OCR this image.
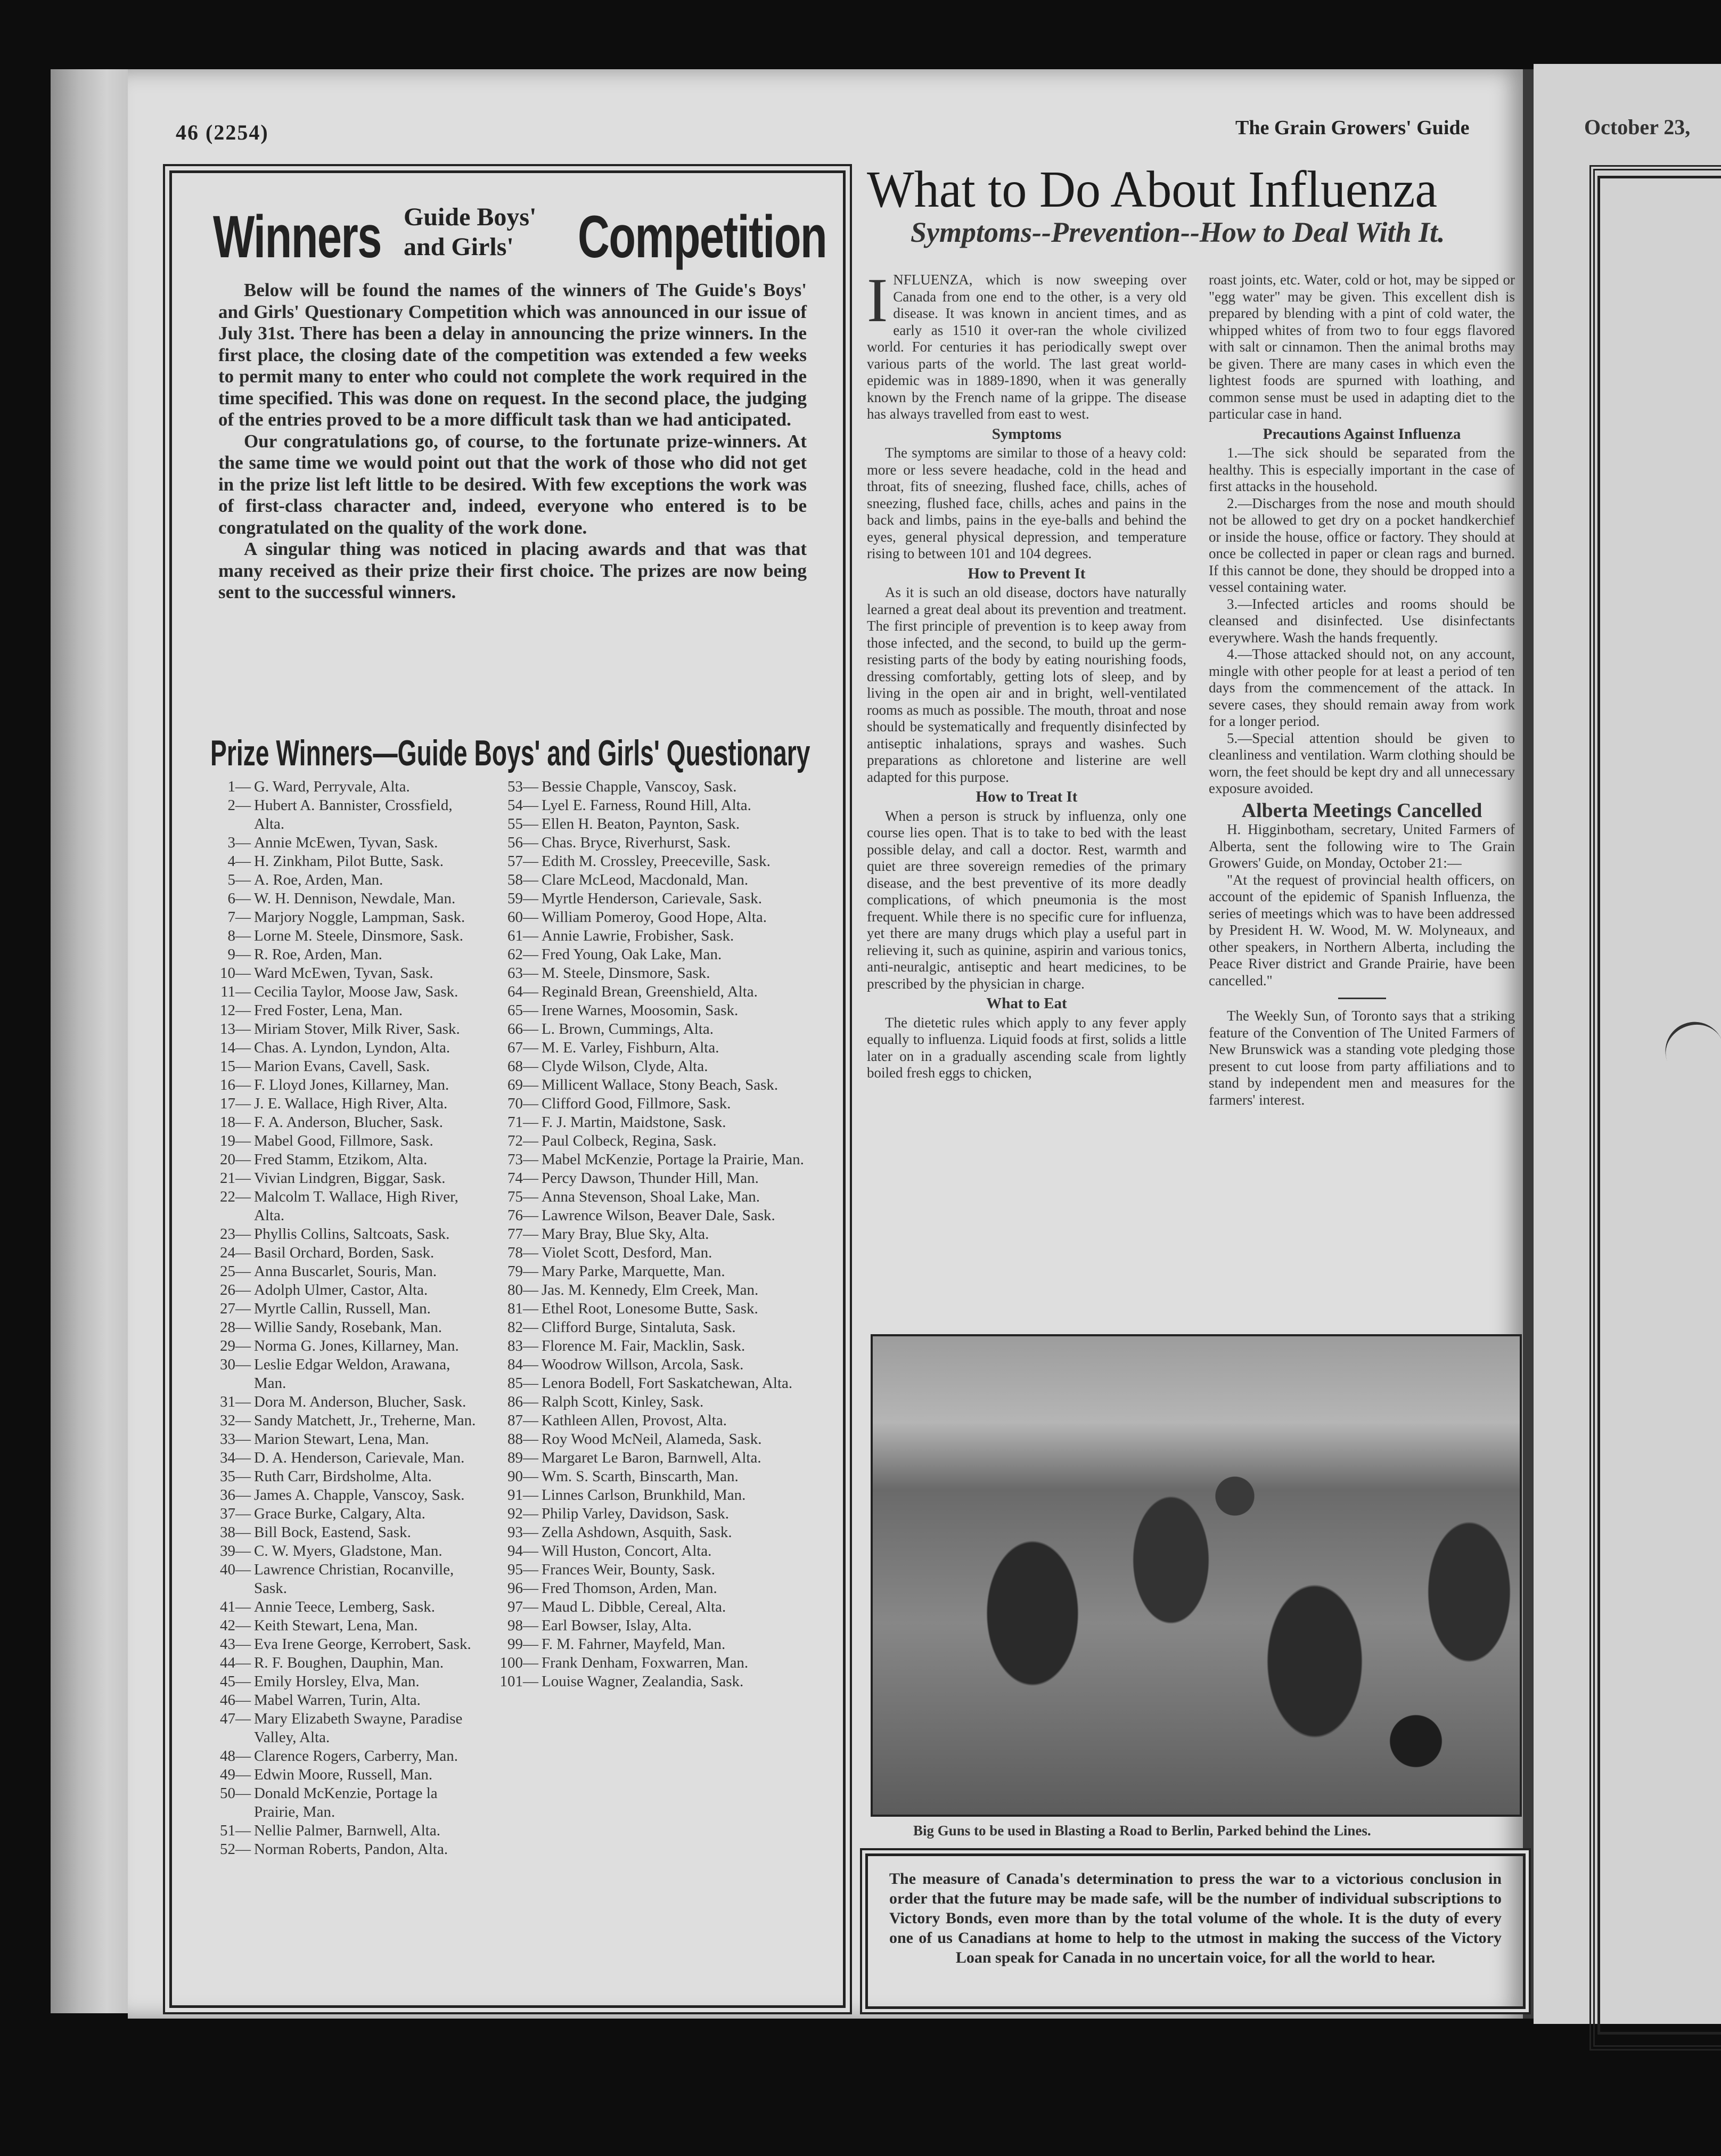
October 23,
46 (2254)	The Grain Growers' Guide
Winners Guide Boys'
and Girls' Competition

Below will be found the names of the winners of The Guide's Boys' and Girls' Questionary Competition which was announced in our issue of July 31st. There has been a delay in announcing the prize winners. In the first place, the closing date of the competition was extended a few weeks to permit many to enter who could not complete the work required in the time specified. This was done on request. In the second place, the judging of the entries proved to be a more difficult task than we had anticipated.

Our congratulations go, of course, to the fortunate prize-winners. At the same time we would point out that the work of those who did not get in the prize list left little to be desired. With few exceptions the work was of first-class character and, indeed, everyone who entered is to be congratulated on the quality of the work done.

A singular thing was noticed in placing awards and that was that many received as their prize their first choice. The prizes are now being sent to the successful winners.

Prize Winners—Guide Boys' and Girls' Questionary
1— G. Ward, Perryvale, Alta.
2— Hubert A. Bannister, Crossfield, Alta.
3— Annie McEwen, Tyvan, Sask.
4— H. Zinkham, Pilot Butte, Sask.
5— A. Roe, Arden, Man.
6— W. H. Dennison, Newdale, Man.
7— Marjory Noggle, Lampman, Sask.
8— Lorne M. Steele, Dinsmore, Sask.
9— R. Roe, Arden, Man.
10— Ward McEwen, Tyvan, Sask.
11— Cecilia Taylor, Moose Jaw, Sask.
12— Fred Foster, Lena, Man.
13— Miriam Stover, Milk River, Sask.
14— Chas. A. Lyndon, Lyndon, Alta.
15— Marion Evans, Cavell, Sask.
16— F. Lloyd Jones, Killarney, Man.
17— J. E. Wallace, High River, Alta.
18— F. A. Anderson, Blucher, Sask.
19— Mabel Good, Fillmore, Sask.
20— Fred Stamm, Etzikom, Alta.
21— Vivian Lindgren, Biggar, Sask.
22— Malcolm T. Wallace, High River, Alta.
23— Phyllis Collins, Saltcoats, Sask.
24— Basil Orchard, Borden, Sask.
25— Anna Buscarlet, Souris, Man.
26— Adolph Ulmer, Castor, Alta.
27— Myrtle Callin, Russell, Man.
28— Willie Sandy, Rosebank, Man.
29— Norma G. Jones, Killarney, Man.
30— Leslie Edgar Weldon, Arawana, Man.
31— Dora M. Anderson, Blucher, Sask.
32— Sandy Matchett, Jr., Treherne, Man.
33— Marion Stewart, Lena, Man.
34— D. A. Henderson, Carievale, Man.
35— Ruth Carr, Birdsholme, Alta.
36— James A. Chapple, Vanscoy, Sask.
37— Grace Burke, Calgary, Alta.
38— Bill Bock, Eastend, Sask.
39— C. W. Myers, Gladstone, Man.
40— Lawrence Christian, Rocanville, Sask.
41— Annie Teece, Lemberg, Sask.
42— Keith Stewart, Lena, Man.
43— Eva Irene George, Kerrobert, Sask.
44— R. F. Boughen, Dauphin, Man.
45— Emily Horsley, Elva, Man.
46— Mabel Warren, Turin, Alta.
47— Mary Elizabeth Swayne, Paradise Valley, Alta.
48— Clarence Rogers, Carberry, Man.
49— Edwin Moore, Russell, Man.
50— Donald McKenzie, Portage la Prairie, Man.
51— Nellie Palmer, Barnwell, Alta.
52— Norman Roberts, Pandon, Alta.
53— Bessie Chapple, Vanscoy, Sask.
54— Lyel E. Farness, Round Hill, Alta.
55— Ellen H. Beaton, Paynton, Sask.
56— Chas. Bryce, Riverhurst, Sask.
57— Edith M. Crossley, Preeceville, Sask.
58— Clare McLeod, Macdonald, Man.
59— Myrtle Henderson, Carievale, Sask.
60— William Pomeroy, Good Hope, Alta.
61— Annie Lawrie, Frobisher, Sask.
62— Fred Young, Oak Lake, Man.
63— M. Steele, Dinsmore, Sask.
64— Reginald Brean, Greenshield, Alta.
65— Irene Warnes, Moosomin, Sask.
66— L. Brown, Cummings, Alta.
67— M. E. Varley, Fishburn, Alta.
68— Clyde Wilson, Clyde, Alta.
69— Millicent Wallace, Stony Beach, Sask.
70— Clifford Good, Fillmore, Sask.
71— F. J. Martin, Maidstone, Sask.
72— Paul Colbeck, Regina, Sask.
73— Mabel McKenzie, Portage la Prairie, Man.
74— Percy Dawson, Thunder Hill, Man.
75— Anna Stevenson, Shoal Lake, Man.
76— Lawrence Wilson, Beaver Dale, Sask.
77— Mary Bray, Blue Sky, Alta.
78— Violet Scott, Desford, Man.
79— Mary Parke, Marquette, Man.
80— Jas. M. Kennedy, Elm Creek, Man.
81— Ethel Root, Lonesome Butte, Sask.
82— Clifford Burge, Sintaluta, Sask.
83— Florence M. Fair, Macklin, Sask.
84— Woodrow Willson, Arcola, Sask.
85— Lenora Bodell, Fort Saskatchewan, Alta.
86— Ralph Scott, Kinley, Sask.
87— Kathleen Allen, Provost, Alta.
88— Roy Wood McNeil, Alameda, Sask.
89— Margaret Le Baron, Barnwell, Alta.
90— Wm. S. Scarth, Binscarth, Man.
91— Linnes Carlson, Brunkhild, Man.
92— Philip Varley, Davidson, Sask.
93— Zella Ashdown, Asquith, Sask.
94— Will Huston, Concort, Alta.
95— Frances Weir, Bounty, Sask.
96— Fred Thomson, Arden, Man.
97— Maud L. Dibble, Cereal, Alta.
98— Earl Bowser, Islay, Alta.
99— F. M. Fahrner, Mayfeld, Man.
100— Frank Denham, Foxwarren, Man.
101— Louise Wagner, Zealandia, Sask.
What to Do About Influenza
Symptoms--Prevention--How to Deal With It.

INFLUENZA, which is now sweeping over Canada from one end to the other, is a very old disease. It was known in ancient times, and as early as 1510 it over-ran the whole civilized world. For centuries it has periodically swept over various parts of the world. The last great world-epidemic was in 1889-1890, when it was generally known by the French name of la grippe. The disease has always travelled from east to west.

Symptoms

The symptoms are similar to those of a heavy cold: more or less severe headache, cold in the head and throat, fits of sneezing, flushed face, chills, aches of sneezing, flushed face, chills, aches and pains in the back and limbs, pains in the eye-balls and behind the eyes, general physical depression, and temperature rising to between 101 and 104 degrees.

How to Prevent It

As it is such an old disease, doctors have naturally learned a great deal about its prevention and treatment. The first principle of prevention is to keep away from those infected, and the second, to build up the germ-resisting parts of the body by eating nourishing foods, dressing comfortably, getting lots of sleep, and by living in the open air and in bright, well-ventilated rooms as much as possible. The mouth, throat and nose should be systematically and frequently disinfected by antiseptic inhalations, sprays and washes. Such preparations as chloretone and listerine are well adapted for this purpose.

How to Treat It

When a person is struck by influenza, only one course lies open. That is to take to bed with the least possible delay, and call a doctor. Rest, warmth and quiet are three sovereign remedies of the primary disease, and the best preventive of its more deadly complications, of which pneumonia is the most frequent. While there is no specific cure for influenza, yet there are many drugs which play a useful part in relieving it, such as quinine, aspirin and various tonics, anti-neuralgic, antiseptic and heart medicines, to be prescribed by the physician in charge.

What to Eat

The dietetic rules which apply to any fever apply equally to influenza. Liquid foods at first, solids a little later on in a gradually ascending scale from lightly boiled fresh eggs to chicken,

roast joints, etc. Water, cold or hot, may be sipped or "egg water" may be given. This excellent dish is prepared by blending with a pint of cold water, the whipped whites of from two to four eggs flavored with salt or cinnamon. Then the animal broths may be given. There are many cases in which even the lightest foods are spurned with loathing, and common sense must be used in adapting diet to the particular case in hand.

Precautions Against Influenza

1.—The sick should be separated from the healthy. This is especially important in the case of first attacks in the household.

2.—Discharges from the nose and mouth should not be allowed to get dry on a pocket handkerchief or inside the house, office or factory. They should at once be collected in paper or clean rags and burned. If this cannot be done, they should be dropped into a vessel containing water.

3.—Infected articles and rooms should be cleansed and disinfected. Use disinfectants everywhere. Wash the hands frequently.

4.—Those attacked should not, on any account, mingle with other people for at least a period of ten days from the commencement of the attack. In severe cases, they should remain away from work for a longer period.

5.—Special attention should be given to cleanliness and ventilation. Warm clothing should be worn, the feet should be kept dry and all unnecessary exposure avoided.

Alberta Meetings Cancelled

H. Higginbotham, secretary, United Farmers of Alberta, sent the following wire to The Grain Growers' Guide, on Monday, October 21:—

"At the request of provincial health officers, on account of the epidemic of Spanish Influenza, the series of meetings which was to have been addressed by President H. W. Wood, M. W. Molyneaux, and other speakers, in Northern Alberta, including the Peace River district and Grande Prairie, have been cancelled."

The Weekly Sun, of Toronto says that a striking feature of the Convention of The United Farmers of New Brunswick was a standing vote pledging those present to cut loose from party affiliations and to stand by independent men and measures for the farmers' interest.

Big Guns to be used in Blasting a Road to Berlin, Parked behind the Lines.

The measure of Canada's determination to press the war to a victorious conclusion in order that the future may be made safe, will be the number of individual subscriptions to Victory Bonds, even more than by the total volume of the whole. It is the duty of every one of us Canadians at home to help to the utmost in making the success of the Victory Loan speak for Canada in no uncertain voice, for all the world to hear.
